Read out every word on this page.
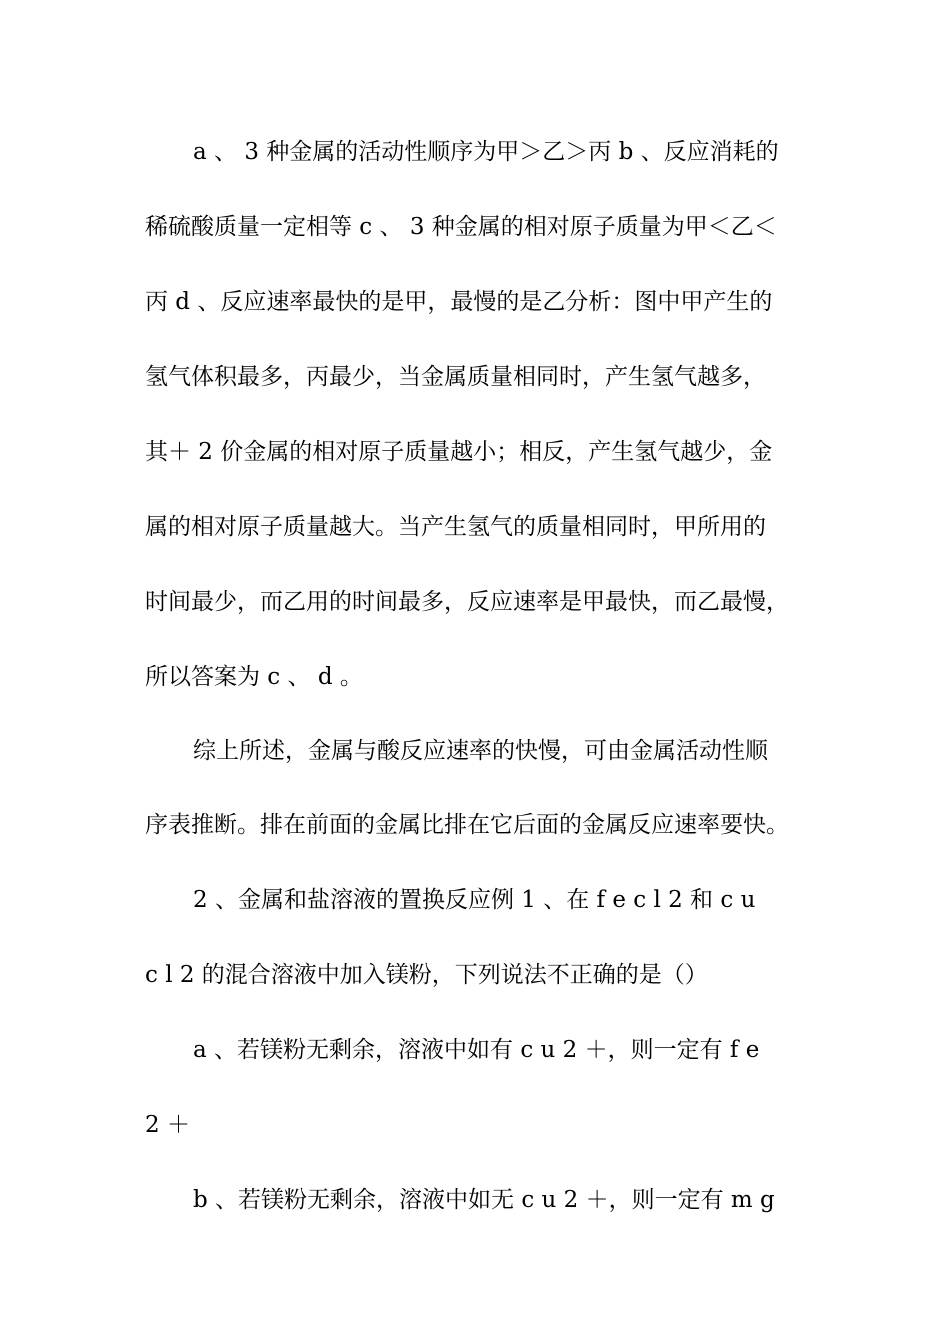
a 、 3 种金属的活动性顺序为甲＞乙＞丙 b 、反应消耗的
稀硫酸质量一定相等 c 、 3 种金属的相对原子质量为甲＜乙＜
丙 d 、反应速率最快的是甲，最慢的是乙分析：图中甲产生的
氢气体积最多，丙最少，当金属质量相同时，产生氢气越多，
其＋ 2 价金属的相对原子质量越小；相反，产生氢气越少，金
属的相对原子质量越大。当产生氢气的质量相同时，甲所用的
时间最少，而乙用的时间最多，反应速率是甲最快，而乙最慢，
所以答案为 c 、 d 。
综上所述，金属与酸反应速率的快慢，可由金属活动性顺
序表推断。排在前面的金属比排在它后面的金属反应速率要快。
2 、金属和盐溶液的置换反应例 1 、在 f e c l 2 和 c u
c l 2 的混合溶液中加入镁粉，下列说法不正确的是（）
a 、若镁粉无剩余，溶液中如有 c u 2 ＋，则一定有 f e
2 ＋
b 、若镁粉无剩余，溶液中如无 c u 2 ＋，则一定有 m g
